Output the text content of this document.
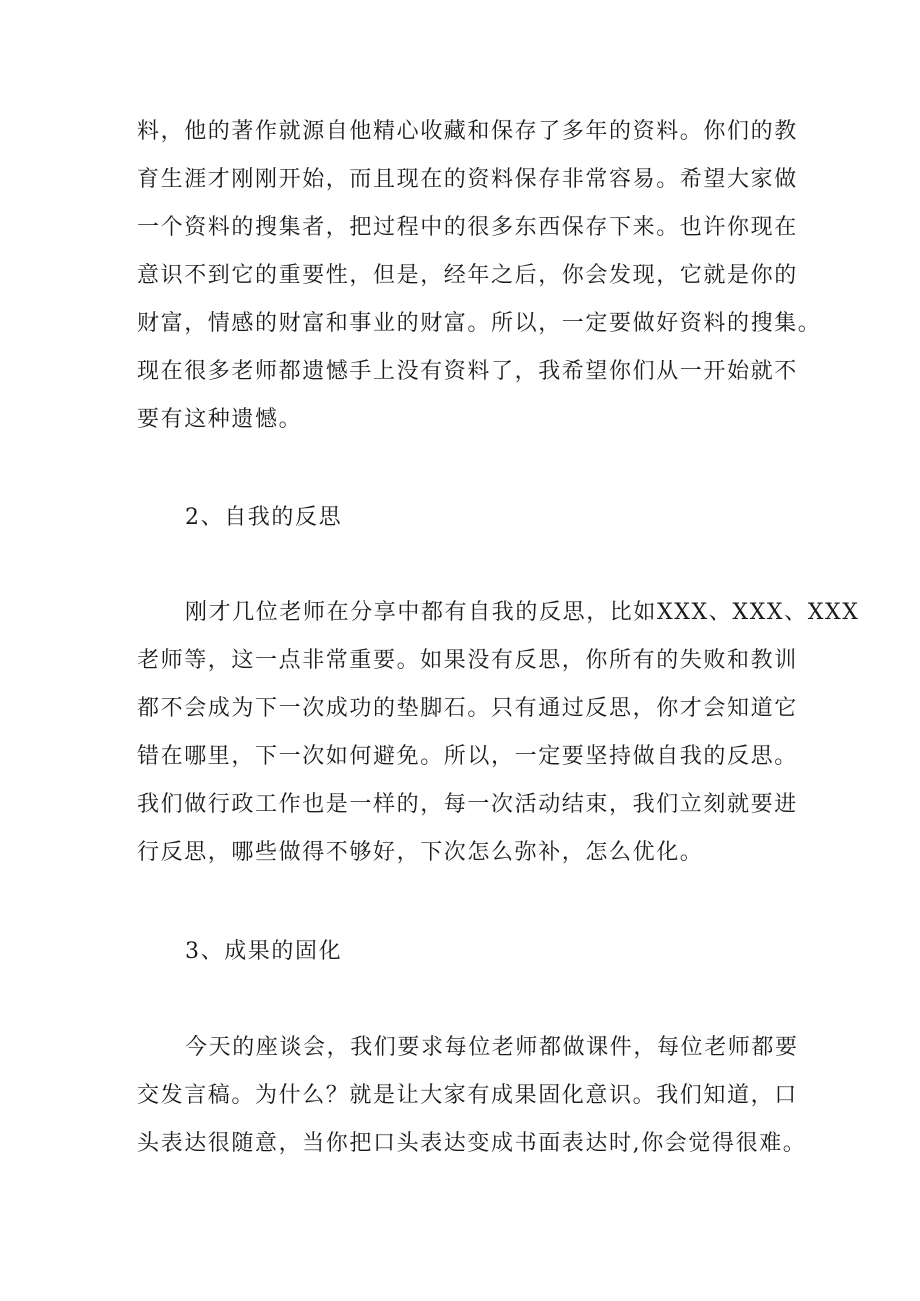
料，他的著作就源自他精心收藏和保存了多年的资料。你们的教
育生涯才刚刚开始，而且现在的资料保存非常容易。希望大家做
一个资料的搜集者，把过程中的很多东西保存下来。也许你现在
意识不到它的重要性，但是，经年之后，你会发现，它就是你的
财富，情感的财富和事业的财富。所以，一定要做好资料的搜集。
现在很多老师都遗憾手上没有资料了，我希望你们从一开始就不
要有这种遗憾。
2、自我的反思
刚才几位老师在分享中都有自我的反思，比如XXX、XXX、XXX
老师等，这一点非常重要。如果没有反思，你所有的失败和教训
都不会成为下一次成功的垫脚石。只有通过反思，你才会知道它
错在哪里，下一次如何避免。所以，一定要坚持做自我的反思。
我们做行政工作也是一样的，每一次活动结束，我们立刻就要进
行反思，哪些做得不够好，下次怎么弥补，怎么优化。
3、成果的固化
今天的座谈会，我们要求每位老师都做课件，每位老师都要
交发言稿。为什么？就是让大家有成果固化意识。我们知道，口
头表达很随意，当你把口头表达变成书面表达时,你会觉得很难。
